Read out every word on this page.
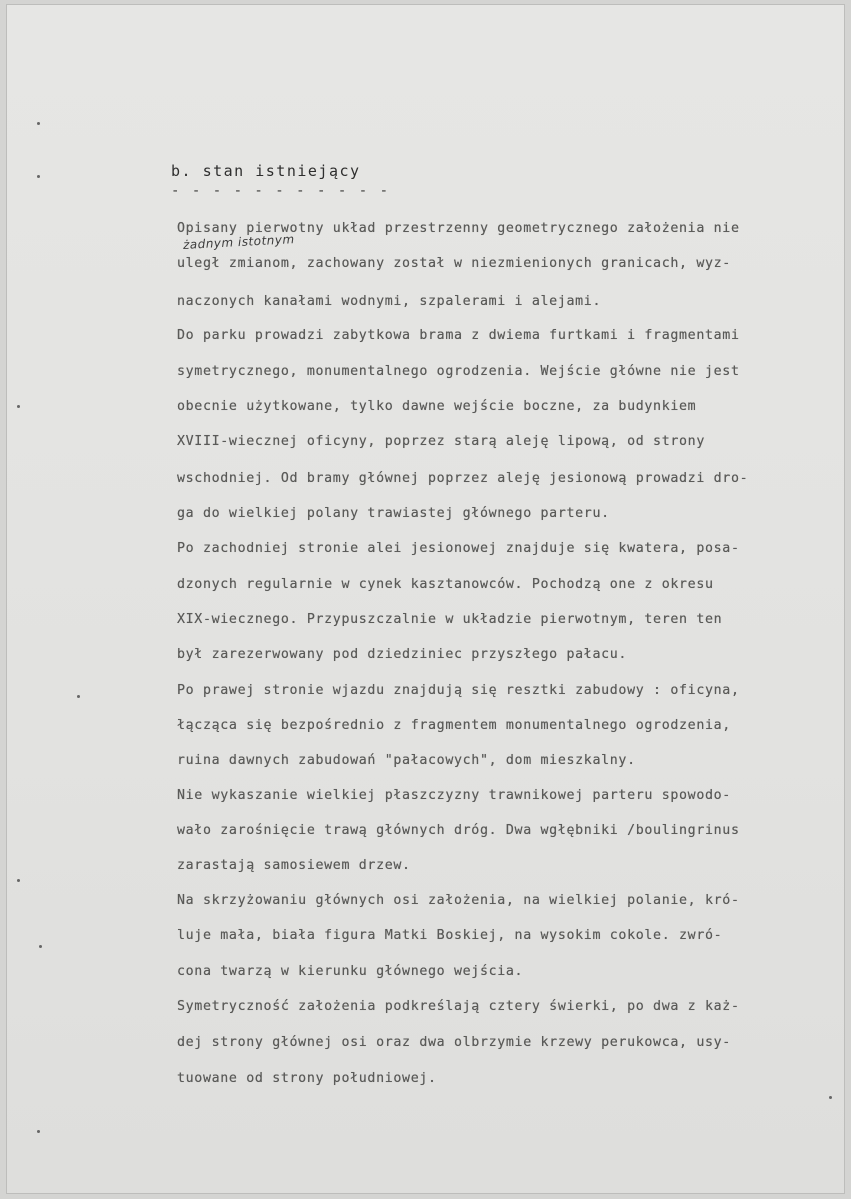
b. stan istniejący
- - - - - - - - - - -
żadnym istotnym
Opisany pierwotny układ przestrzenny geometrycznego założenia nie
uległ zmianom, zachowany został w niezmienionych granicach, wyz-
naczonych kanałami wodnymi, szpalerami i alejami.
Do parku prowadzi zabytkowa brama z dwiema furtkami i fragmentami
symetrycznego, monumentalnego ogrodzenia. Wejście główne nie jest
obecnie użytkowane, tylko dawne wejście boczne, za budynkiem
XVIII-wiecznej oficyny, poprzez starą aleję lipową, od strony
wschodniej. Od bramy głównej poprzez aleję jesionową prowadzi dro-
ga do wielkiej polany trawiastej głównego parteru.
Po zachodniej stronie alei jesionowej znajduje się kwatera, posa-
dzonych regularnie w cynek kasztanowców. Pochodzą one z okresu
XIX-wiecznego. Przypuszczalnie w układzie pierwotnym, teren ten
był zarezerwowany pod dziedziniec przyszłego pałacu.
Po prawej stronie wjazdu znajdują się resztki zabudowy : oficyna,
łącząca się bezpośrednio z fragmentem monumentalnego ogrodzenia,
ruina dawnych zabudowań "pałacowych", dom mieszkalny.
Nie wykaszanie wielkiej płaszczyzny trawnikowej parteru spowodo-
wało zarośnięcie trawą głównych dróg. Dwa wgłębniki /boulingrinus
zarastają samosiewem drzew.
Na skrzyżowaniu głównych osi założenia, na wielkiej polanie, kró-
luje mała, biała figura Matki Boskiej, na wysokim cokole. zwró-
cona twarzą w kierunku głównego wejścia.
Symetryczność założenia podkreślają cztery świerki, po dwa z każ-
dej strony głównej osi oraz dwa olbrzymie krzewy perukowca, usy-
tuowane od strony południowej.
